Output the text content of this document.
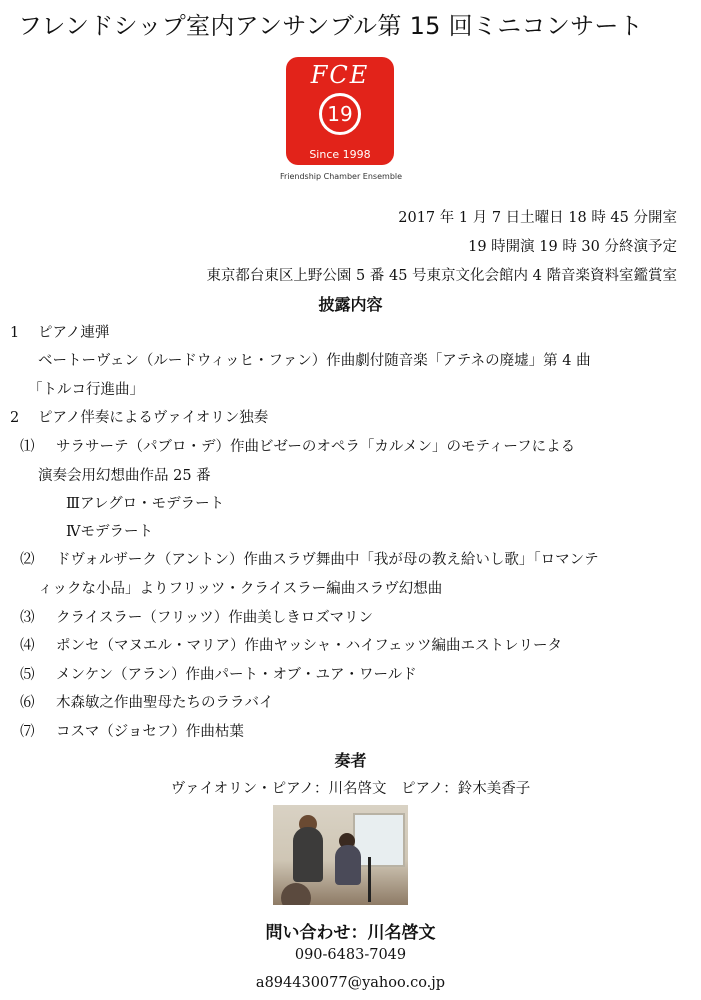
フレンドシップ室内アンサンブル第 15 回ミニコンサート
FCE
19
Since 1998
Friendship Chamber Ensemble
2017 年 1 月 7 日土曜日 18 時 45 分開室
19 時開演 19 時 30 分終演予定
東京都台東区上野公園 5 番 45 号東京文化会館内 4 階音楽資料室鑑賞室
披露内容
1 ピアノ連弾
ベートーヴェン（ルードウィッヒ・ファン）作曲劇付随音楽「アテネの廃墟」第 4 曲
「トルコ行進曲」
2 ピアノ伴奏によるヴァイオリン独奏
⑴ サラサーテ（パブロ・デ）作曲ビゼーのオペラ「カルメン」のモティーフによる
演奏会用幻想曲作品 25 番
Ⅲアレグロ・モデラート
Ⅳモデラート
⑵ ドヴォルザーク（アントン）作曲スラヴ舞曲中「我が母の教え給いし歌」「ロマンテ
ィックな小品」よりフリッツ・クライスラー編曲スラヴ幻想曲
⑶ クライスラー（フリッツ）作曲美しきロズマリン
⑷ ポンセ（マヌエル・マリア）作曲ヤッシャ・ハイフェッツ編曲エストレリータ
⑸ メンケン（アラン）作曲パート・オブ・ユア・ワールド
⑹ 木森敏之作曲聖母たちのララバイ
⑺ コスマ（ジョセフ）作曲枯葉
奏者
ヴァイオリン・ピアノ：川名啓文　ピアノ：鈴木美香子
問い合わせ：川名啓文
090-6483-7049
a894430077@yahoo.co.jp
